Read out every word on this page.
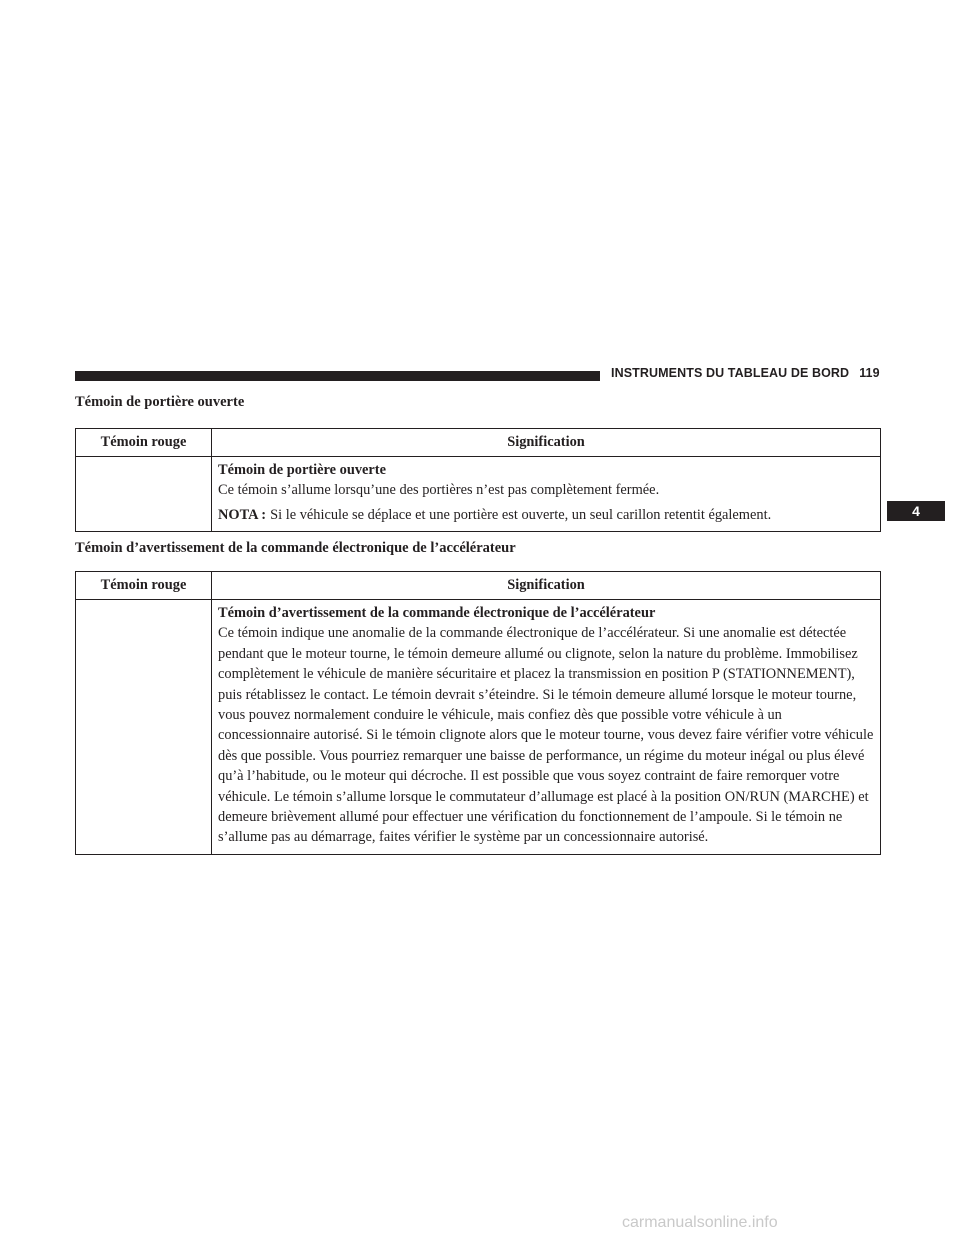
INSTRUMENTS DU TABLEAU DE BORD 119
4
Témoin de portière ouverte
Témoin rouge	Signification

	Témoin de portière ouverte

Ce témoin s’allume lorsqu’une des portières n’est pas complètement fermée.

NOTA : Si le véhicule se déplace et une portière est ouverte, un seul carillon retentit également.

Témoin d’avertissement de la commande électronique de l’accélérateur
Témoin rouge	Signification

	Témoin d’avertissement de la commande électronique de l’accélérateur

Ce témoin indique une anomalie de la commande électronique de l’accélérateur. Si une anomalie est détectée pendant que le moteur tourne, le témoin demeure allumé ou clignote, selon la nature du problème. Immobilisez complètement le véhicule de manière sécuritaire et placez la transmission en position P (STATIONNEMENT), puis rétablissez le contact. Le témoin devrait s’éteindre. Si le témoin demeure allumé lorsque le moteur tourne, vous pouvez normalement conduire le véhicule, mais confiez dès que possible votre véhicule à un concessionnaire autorisé. Si le témoin clignote alors que le moteur tourne, vous devez faire vérifier votre véhicule dès que possible. Vous pourriez remarquer une baisse de performance, un régime du moteur inégal ou plus élevé qu’à l’habitude, ou le moteur qui décroche. Il est possible que vous soyez contraint de faire remorquer votre véhicule. Le témoin s’allume lorsque le commutateur d’allumage est placé à la position ON/RUN (MARCHE) et demeure brièvement allumé pour effectuer une vérification du fonctionnement de l’ampoule. Si le témoin ne s’allume pas au démarrage, faites vérifier le système par un concessionnaire autorisé.

carmanualsonline.info
